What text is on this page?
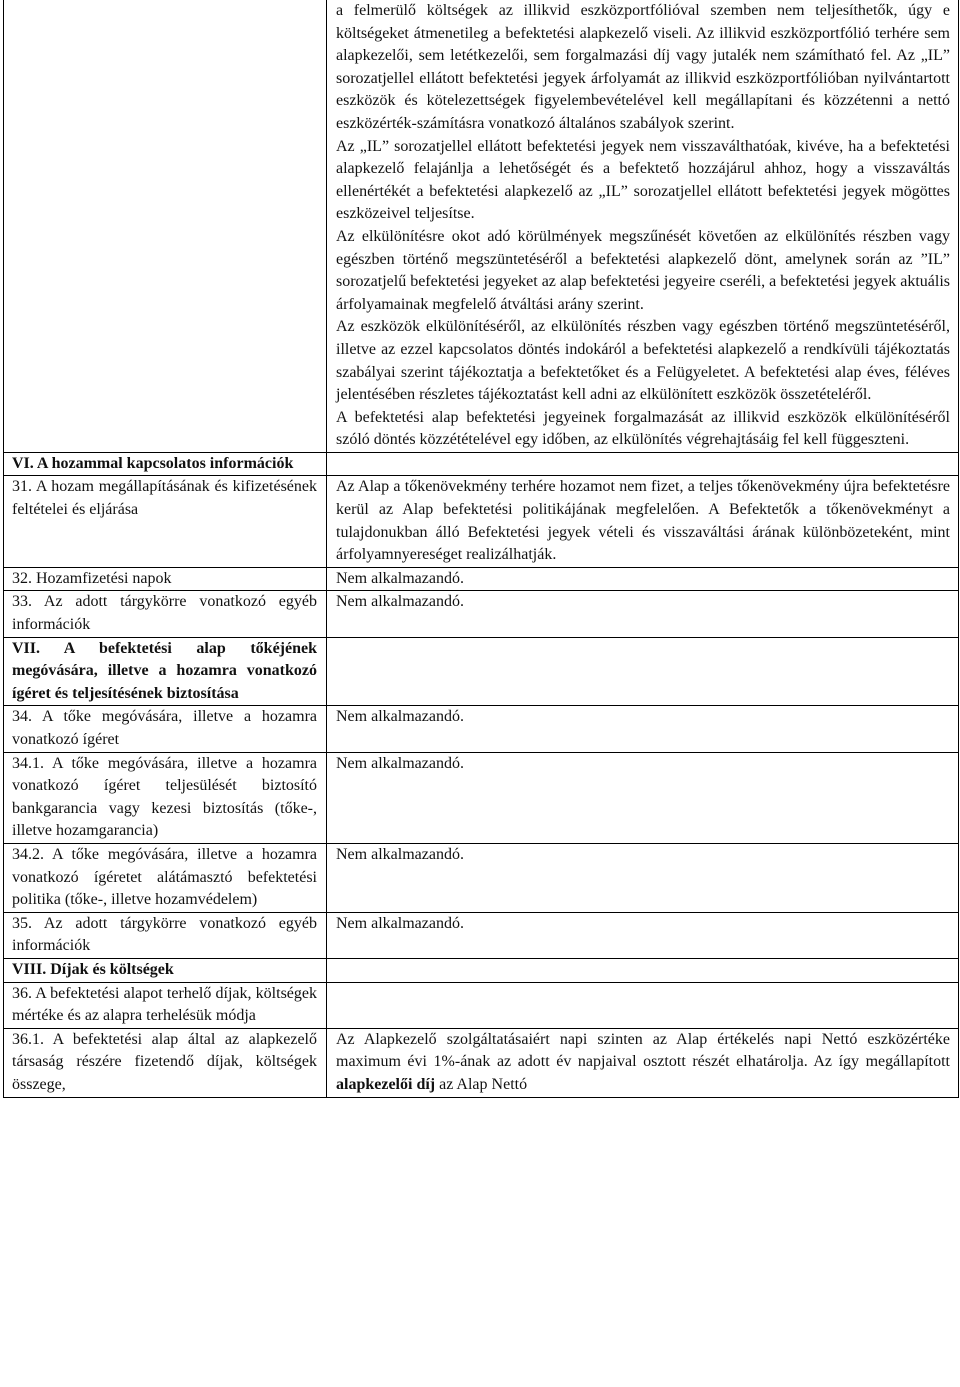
	a felmerülő költségek az illikvid eszközportfólióval szemben nem teljesíthetők, úgy e költségeket átmenetileg a befektetési alapkezelő viseli. Az illikvid eszközportfólió terhére sem alapkezelői, sem letétkezelői, sem forgalmazási díj vagy jutalék nem számítható fel. Az „IL” sorozatjellel ellátott befektetési jegyek árfolyamát az illikvid eszközportfólióban nyilvántartott eszközök és kötelezettségek figyelembevételével kell megállapítani és közzétenni a nettó eszközérték-számításra vonatkozó általános szabályok szerint.

Az „IL” sorozatjellel ellátott befektetési jegyek nem visszaválthatóak, kivéve, ha a befektetési alapkezelő felajánlja a lehetőségét és a befektető hozzájárul ahhoz, hogy a visszaváltás ellenértékét a befektetési alapkezelő az „IL” sorozatjellel ellátott befektetési jegyek mögöttes eszközeivel teljesítse.

Az elkülönítésre okot adó körülmények megszűnését követően az elkülönítés részben vagy egészben történő megszüntetéséről a befektetési alapkezelő dönt, amelynek során az ”IL” sorozatjelű befektetési jegyeket az alap befektetési jegyeire cseréli, a befektetési jegyek aktuális árfolyamainak megfelelő átváltási arány szerint.

Az eszközök elkülönítéséről, az elkülönítés részben vagy egészben történő megszüntetéséről, illetve az ezzel kapcsolatos döntés indokáról a befektetési alapkezelő a rendkívüli tájékoztatás szabályai szerint tájékoztatja a befektetőket és a Felügyeletet. A befektetési alap éves, féléves jelentésében részletes tájékoztatást kell adni az elkülönített eszközök összetételéről.

A befektetési alap befektetési jegyeinek forgalmazását az illikvid eszközök elkülönítéséről szóló döntés közzétételével egy időben, az elkülönítés végrehajtásáig fel kell függeszteni.

VI. A hozammal kapcsolatos információk	
31. A hozam megállapításának és kifizetésének feltételei és eljárása	Az Alap a tőkenövekmény terhére hozamot nem fizet, a teljes tőkenövekmény újra befektetésre kerül az Alap befektetési politikájának megfelelően. A Befektetők a tőkenövekményt a tulajdonukban álló Befektetési jegyek vételi és visszaváltási árának különbözeteként, mint árfolyamnyereséget realizálhatják.
32. Hozamfizetési napok	Nem alkalmazandó.
33. Az adott tárgykörre vonatkozó egyéb információk	Nem alkalmazandó.
VII. A befektetési alap tőkéjének megóvására, illetve a hozamra vonatkozó ígéret és teljesítésének biztosítása	
34. A tőke megóvására, illetve a hozamra vonatkozó ígéret	Nem alkalmazandó.
34.1. A tőke megóvására, illetve a hozamra vonatkozó ígéret teljesülését biztosító bankgarancia vagy kezesi biztosítás (tőke-, illetve hozamgarancia)	Nem alkalmazandó.
34.2. A tőke megóvására, illetve a hozamra vonatkozó ígéretet alátámasztó befektetési politika (tőke-, illetve hozamvédelem)	Nem alkalmazandó.
35. Az adott tárgykörre vonatkozó egyéb információk	Nem alkalmazandó.
VIII. Díjak és költségek	
36. A befektetési alapot terhelő díjak, költségek mértéke és az alapra terhelésük módja	
36.1. A befektetési alap által az alapkezelő társaság részére fizetendő díjak, költségek összege,	Az Alapkezelő szolgáltatásaiért napi szinten az Alap értékelés napi Nettó eszközértéke maximum évi 1%-ának az adott év napjaival osztott részét elhatárolja. Az így megállapított alapkezelői díj az Alap Nettó
